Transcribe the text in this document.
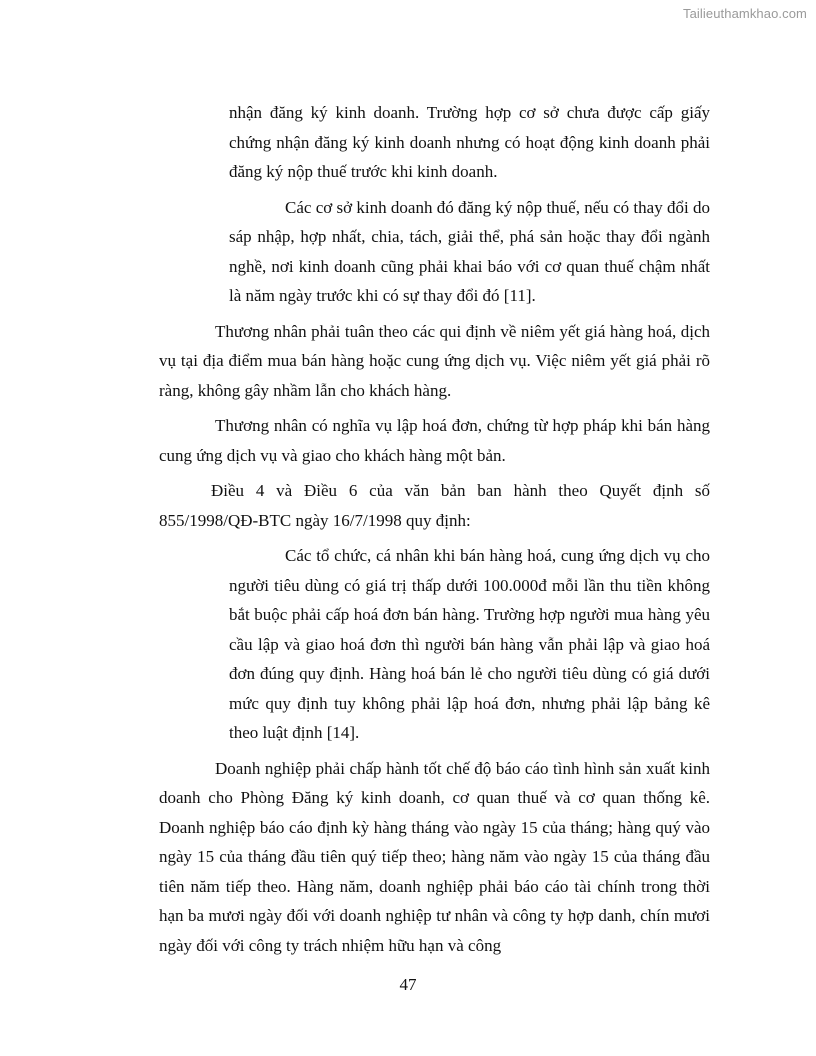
Tailieuthamkhao.com

nhận đăng ký kinh doanh. Trường hợp cơ sở chưa được cấp giấy chứng nhận đăng ký kinh doanh nhưng có hoạt động kinh doanh phải đăng ký nộp thuế trước khi kinh doanh.

Các cơ sở kinh doanh đó đăng ký nộp thuế, nếu có thay đổi do sáp nhập, hợp nhất, chia, tách, giải thể, phá sản hoặc thay đổi ngành nghề, nơi kinh doanh cũng phải khai báo với cơ quan thuế chậm nhất là năm ngày trước khi có sự thay đổi đó [11].

Thương nhân phải tuân theo các qui định về niêm yết giá hàng hoá, dịch vụ tại địa điểm mua bán hàng hoặc cung ứng dịch vụ. Việc niêm yết giá phải rõ ràng, không gây nhầm lẫn cho khách hàng.

Thương nhân có nghĩa vụ lập hoá đơn, chứng từ hợp pháp khi bán hàng cung ứng dịch vụ và giao cho khách hàng một bản.

Điều 4 và Điều 6 của văn bản ban hành theo Quyết định số 855/1998/QĐ-BTC ngày 16/7/1998 quy định:

Các tổ chức, cá nhân khi bán hàng hoá, cung ứng dịch vụ cho người tiêu dùng có giá trị thấp dưới 100.000đ mỗi lần thu tiền không bắt buộc phải cấp hoá đơn bán hàng. Trường hợp người mua hàng yêu cầu lập và giao hoá đơn thì người bán hàng vẫn phải lập và giao hoá đơn đúng quy định. Hàng hoá bán lẻ cho người tiêu dùng có giá dưới mức quy định tuy không phải lập hoá đơn, nhưng phải lập bảng kê theo luật định [14].

Doanh nghiệp phải chấp hành tốt chế độ báo cáo tình hình sản xuất kinh doanh cho Phòng Đăng ký kinh doanh, cơ quan thuế và cơ quan thống kê. Doanh nghiệp báo cáo định kỳ hàng tháng vào ngày 15 của tháng; hàng quý vào ngày 15 của tháng đầu tiên quý tiếp theo; hàng năm vào ngày 15 của tháng đầu tiên năm tiếp theo. Hàng năm, doanh nghiệp phải báo cáo tài chính trong thời hạn ba mươi ngày đối với doanh nghiệp tư nhân và công ty hợp danh, chín mươi ngày đối với công ty trách nhiệm hữu hạn và công

47
